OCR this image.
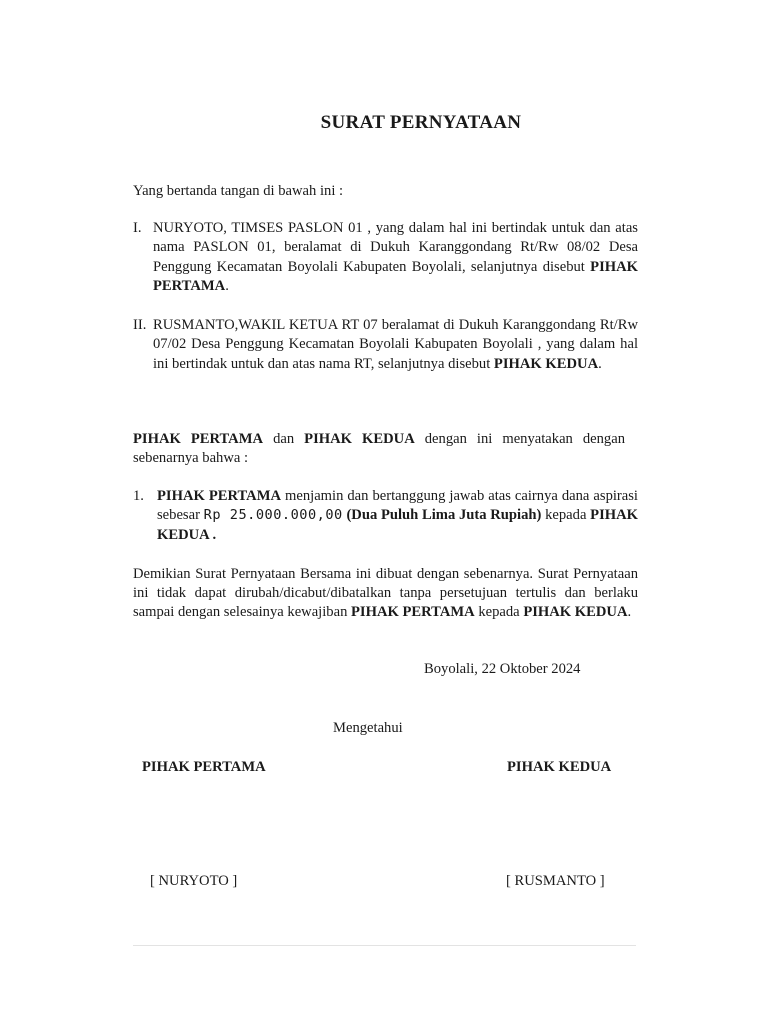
SURAT PERNYATAAN
Yang bertanda tangan di bawah ini :
I. NURYOTO, TIMSES PASLON 01 , yang dalam hal ini bertindak untuk dan atas nama PASLON 01, beralamat di Dukuh Karanggondang Rt/Rw 08/02 Desa Penggung Kecamatan Boyolali Kabupaten Boyolali, selanjutnya disebut PIHAK PERTAMA.
II. RUSMANTO,WAKIL KETUA RT 07 beralamat di Dukuh Karanggondang Rt/Rw 07/02 Desa Penggung Kecamatan Boyolali Kabupaten Boyolali , yang dalam hal ini bertindak untuk dan atas nama RT, selanjutnya disebut PIHAK KEDUA.
PIHAK PERTAMA dan PIHAK KEDUA dengan ini menyatakan dengan sebenarnya bahwa :
1. PIHAK PERTAMA menjamin dan bertanggung jawab atas cairnya dana aspirasi sebesar Rp 25.000.000,00 (Dua Puluh Lima Juta Rupiah) kepada PIHAK KEDUA .
Demikian Surat Pernyataan Bersama ini dibuat dengan sebenarnya. Surat Pernyataan ini tidak dapat dirubah/dicabut/dibatalkan tanpa persetujuan tertulis dan berlaku sampai dengan selesainya kewajiban PIHAK PERTAMA kepada PIHAK KEDUA.
Boyolali, 22 Oktober 2024
Mengetahui
PIHAK PERTAMA	PIHAK KEDUA
[ NURYOTO ]	[ RUSMANTO ]
